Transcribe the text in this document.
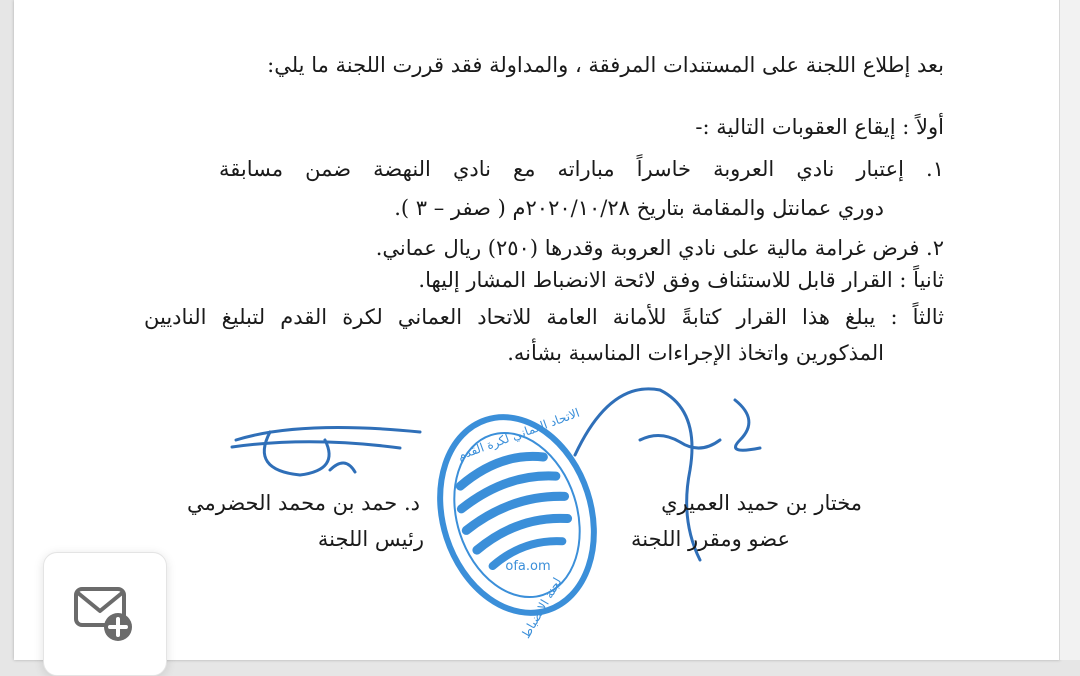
بعد إطلاع اللجنة على المستندات المرفقة ، والمداولة فقد قررت اللجنة ما يلي:
أولاً : إيقاع العقوبات التالية :-
١. إعتبار نادي العروبة خاسراً مباراته مع نادي النهضة ضمن مسابقة
دوري عمانتل والمقامة بتاريخ ٢٠٢٠/١٠/٢٨م ( صفر – ٣ ).
٢. فرض غرامة مالية على نادي العروبة وقدرها (٢٥٠) ريال عماني.
ثانياً : القرار قابل للاستئناف وفق لائحة الانضباط المشار إليها.
ثالثاً : يبلغ هذا القرار كتابةً للأمانة العامة للاتحاد العماني لكرة القدم لتبليغ الناديين
المذكورين واتخاذ الإجراءات المناسبة بشأنه.
ofa.om
الاتحاد العماني لكرة القدم
لجنة الانضباط
مختار بن حميد العميري
عضو ومقرر اللجنة
د. حمد بن محمد الحضرمي
رئيس اللجنة
